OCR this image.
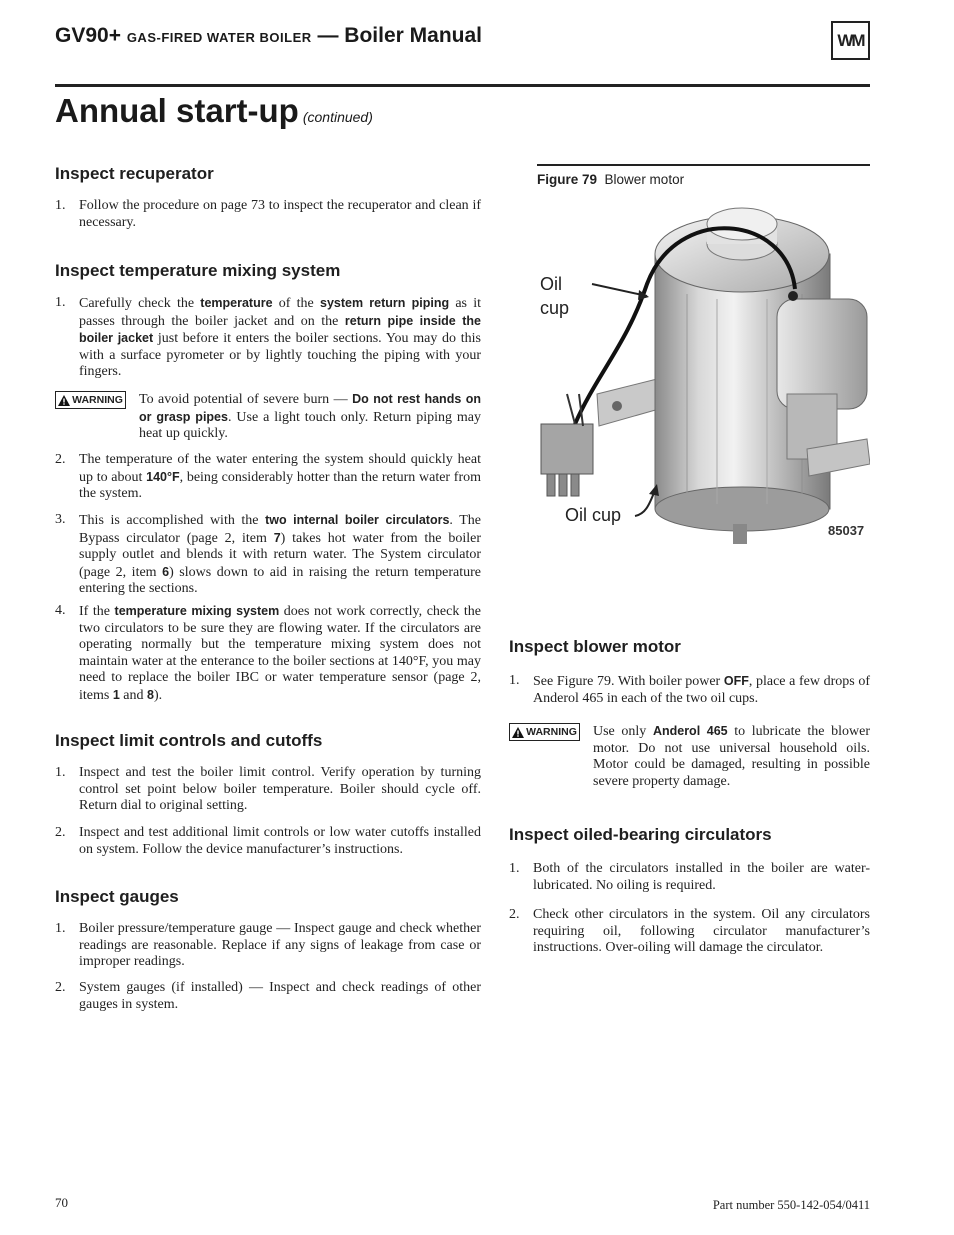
GV90+ GAS-FIRED WATER BOILER — Boiler Manual	WM
Annual start-up (continued)
Inspect recuperator
1. Follow the procedure on page 73 to inspect the recuperator and clean if necessary.
Inspect temperature mixing system
1. Carefully check the temperature of the system return piping as it passes through the boiler jacket and on the return pipe inside the boiler jacket just before it enters the boiler sections. You may do this with a surface pyrometer or by lightly touching the piping with your fingers.
WARNING To avoid potential of severe burn — Do not rest hands on or grasp pipes. Use a light touch only. Return piping may heat up quickly.
2. The temperature of the water entering the system should quickly heat up to about 140°F, being considerably hotter than the return water from the system.
3. This is accomplished with the two internal boiler circulators. The Bypass circulator (page 2, item 7) takes hot water from the boiler supply outlet and blends it with return water. The System circulator (page 2, item 6) slows down to aid in raising the return temperature entering the sections.
4. If the temperature mixing system does not work correctly, check the two circulators to be sure they are flowing water. If the circulators are operating normally but the temperature mixing system does not maintain water at the enterance to the boiler sections at 140°F, you may need to replace the boiler IBC or water temperature sensor (page 2, items 1 and 8).
Inspect limit controls and cutoffs
1. Inspect and test the boiler limit control. Verify operation by turning control set point below boiler temperature. Boiler should cycle off. Return dial to original setting.
2. Inspect and test additional limit controls or low water cutoffs installed on system. Follow the device manufacturer’s instructions.
Inspect gauges
1. Boiler pressure/temperature gauge — Inspect gauge and check whether readings are reasonable. Replace if any signs of leakage from case or improper readings.
2. System gauges (if installed) — Inspect and check readings of other gauges in system.
Figure 79 Blower motor
Oil
cup
Oil cup
85037
Inspect blower motor
1. See Figure 79. With boiler power OFF, place a few drops of Anderol 465 in each of the two oil cups.
WARNING Use only Anderol 465 to lubricate the blower motor. Do not use universal household oils. Motor could be damaged, resulting in possible severe property damage.
Inspect oiled-bearing circulators
1. Both of the circulators installed in the boiler are water-lubricated. No oiling is required.
2. Check other circulators in the system. Oil any circulators requiring oil, following circulator manufacturer’s instructions. Over-oiling will damage the circulator.
70	Part number 550-142-054/0411
